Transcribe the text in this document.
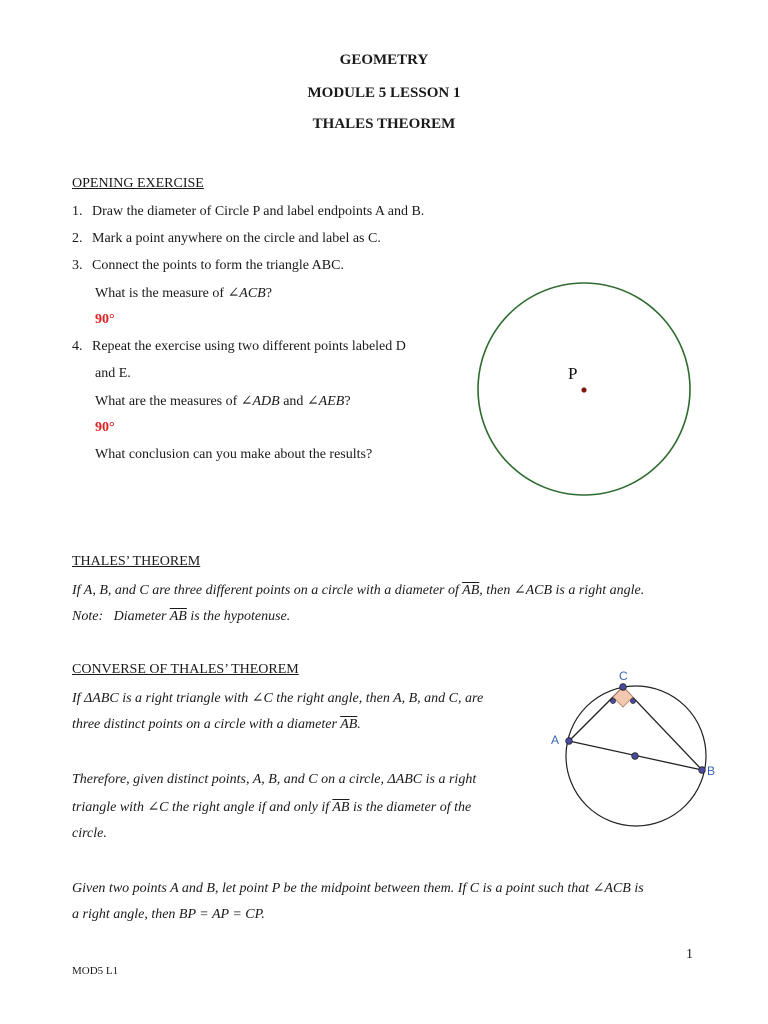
GEOMETRY
MODULE 5 LESSON 1
THALES THEOREM
OPENING EXERCISE
1. Draw the diameter of Circle P and label endpoints A and B.
2. Mark a point anywhere on the circle and label as C.
3. Connect the points to form the triangle ABC.
What is the measure of ∠ACB?
90°
4. Repeat the exercise using two different points labeled D
and E.
What are the measures of ∠ADB and ∠AEB?
90°
What conclusion can you make about the results?
P
THALES’ THEOREM
If A, B, and C are three different points on a circle with a diameter of $\overline{AB}$, then ∠ACB is a right angle.
Note:   Diameter $\overline{AB}$ is the hypotenuse.
CONVERSE OF THALES’ THEOREM
If ΔABC is a right triangle with ∠C the right angle, then A, B, and C, are
three distinct points on a circle with a diameter $\overline{AB}$.
Therefore, given distinct points, A, B, and C on a circle, ΔABC is a right
triangle with ∠C the right angle if and only if $\overline{AB}$ is the diameter of the
circle.
A
B
C
Given two points A and B, let point P be the midpoint between them. If C is a point such that ∠ACB is
a right angle, then BP = AP = CP.
1
MOD5 L1
